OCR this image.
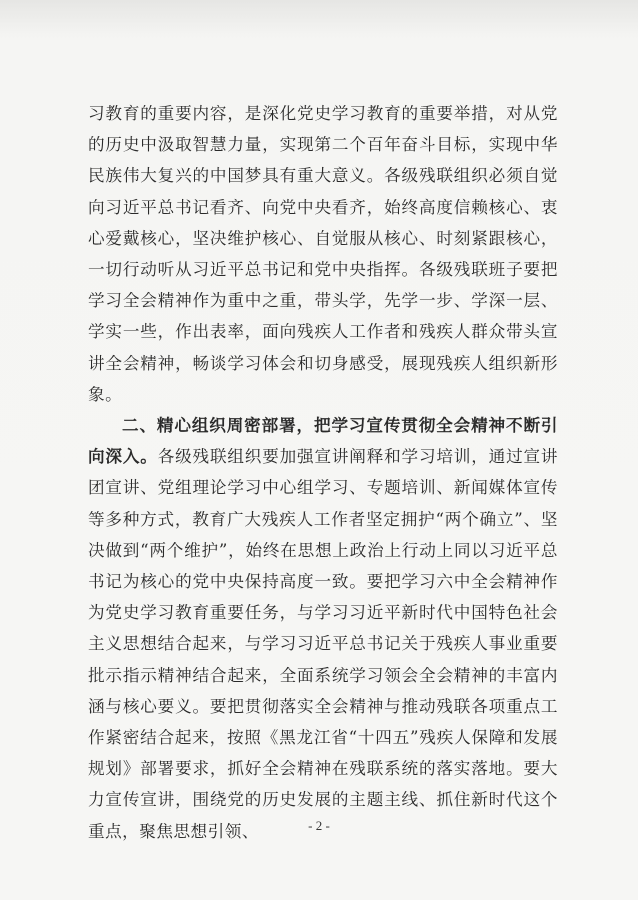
习教育的重要内容，是深化党史学习教育的重要举措，对从党的历史中汲取智慧力量，实现第二个百年奋斗目标，实现中华民族伟大复兴的中国梦具有重大意义。各级残联组织必须自觉向习近平总书记看齐、向党中央看齐，始终高度信赖核心、衷心爱戴核心，坚决维护核心、自觉服从核心、时刻紧跟核心，一切行动听从习近平总书记和党中央指挥。各级残联班子要把学习全会精神作为重中之重，带头学，先学一步、学深一层、学实一些，作出表率，面向残疾人工作者和残疾人群众带头宣讲全会精神，畅谈学习体会和切身感受，展现残疾人组织新形象。

二、精心组织周密部署，把学习宣传贯彻全会精神不断引向深入。各级残联组织要加强宣讲阐释和学习培训，通过宣讲团宣讲、党组理论学习中心组学习、专题培训、新闻媒体宣传等多种方式，教育广大残疾人工作者坚定拥护“两个确立”、坚决做到“两个维护”，始终在思想上政治上行动上同以习近平总书记为核心的党中央保持高度一致。要把学习六中全会精神作为党史学习教育重要任务，与学习习近平新时代中国特色社会主义思想结合起来，与学习习近平总书记关于残疾人事业重要批示指示精神结合起来，全面系统学习领会全会精神的丰富内涵与核心要义。要把贯彻落实全会精神与推动残联各项重点工作紧密结合起来，按照《黑龙江省“十四五”残疾人保障和发展规划》部署要求，抓好全会精神在残联系统的落实落地。要大力宣传宣讲，围绕党的历史发展的主题主线、抓住新时代这个重点，聚焦思想引领、	- 2 -
